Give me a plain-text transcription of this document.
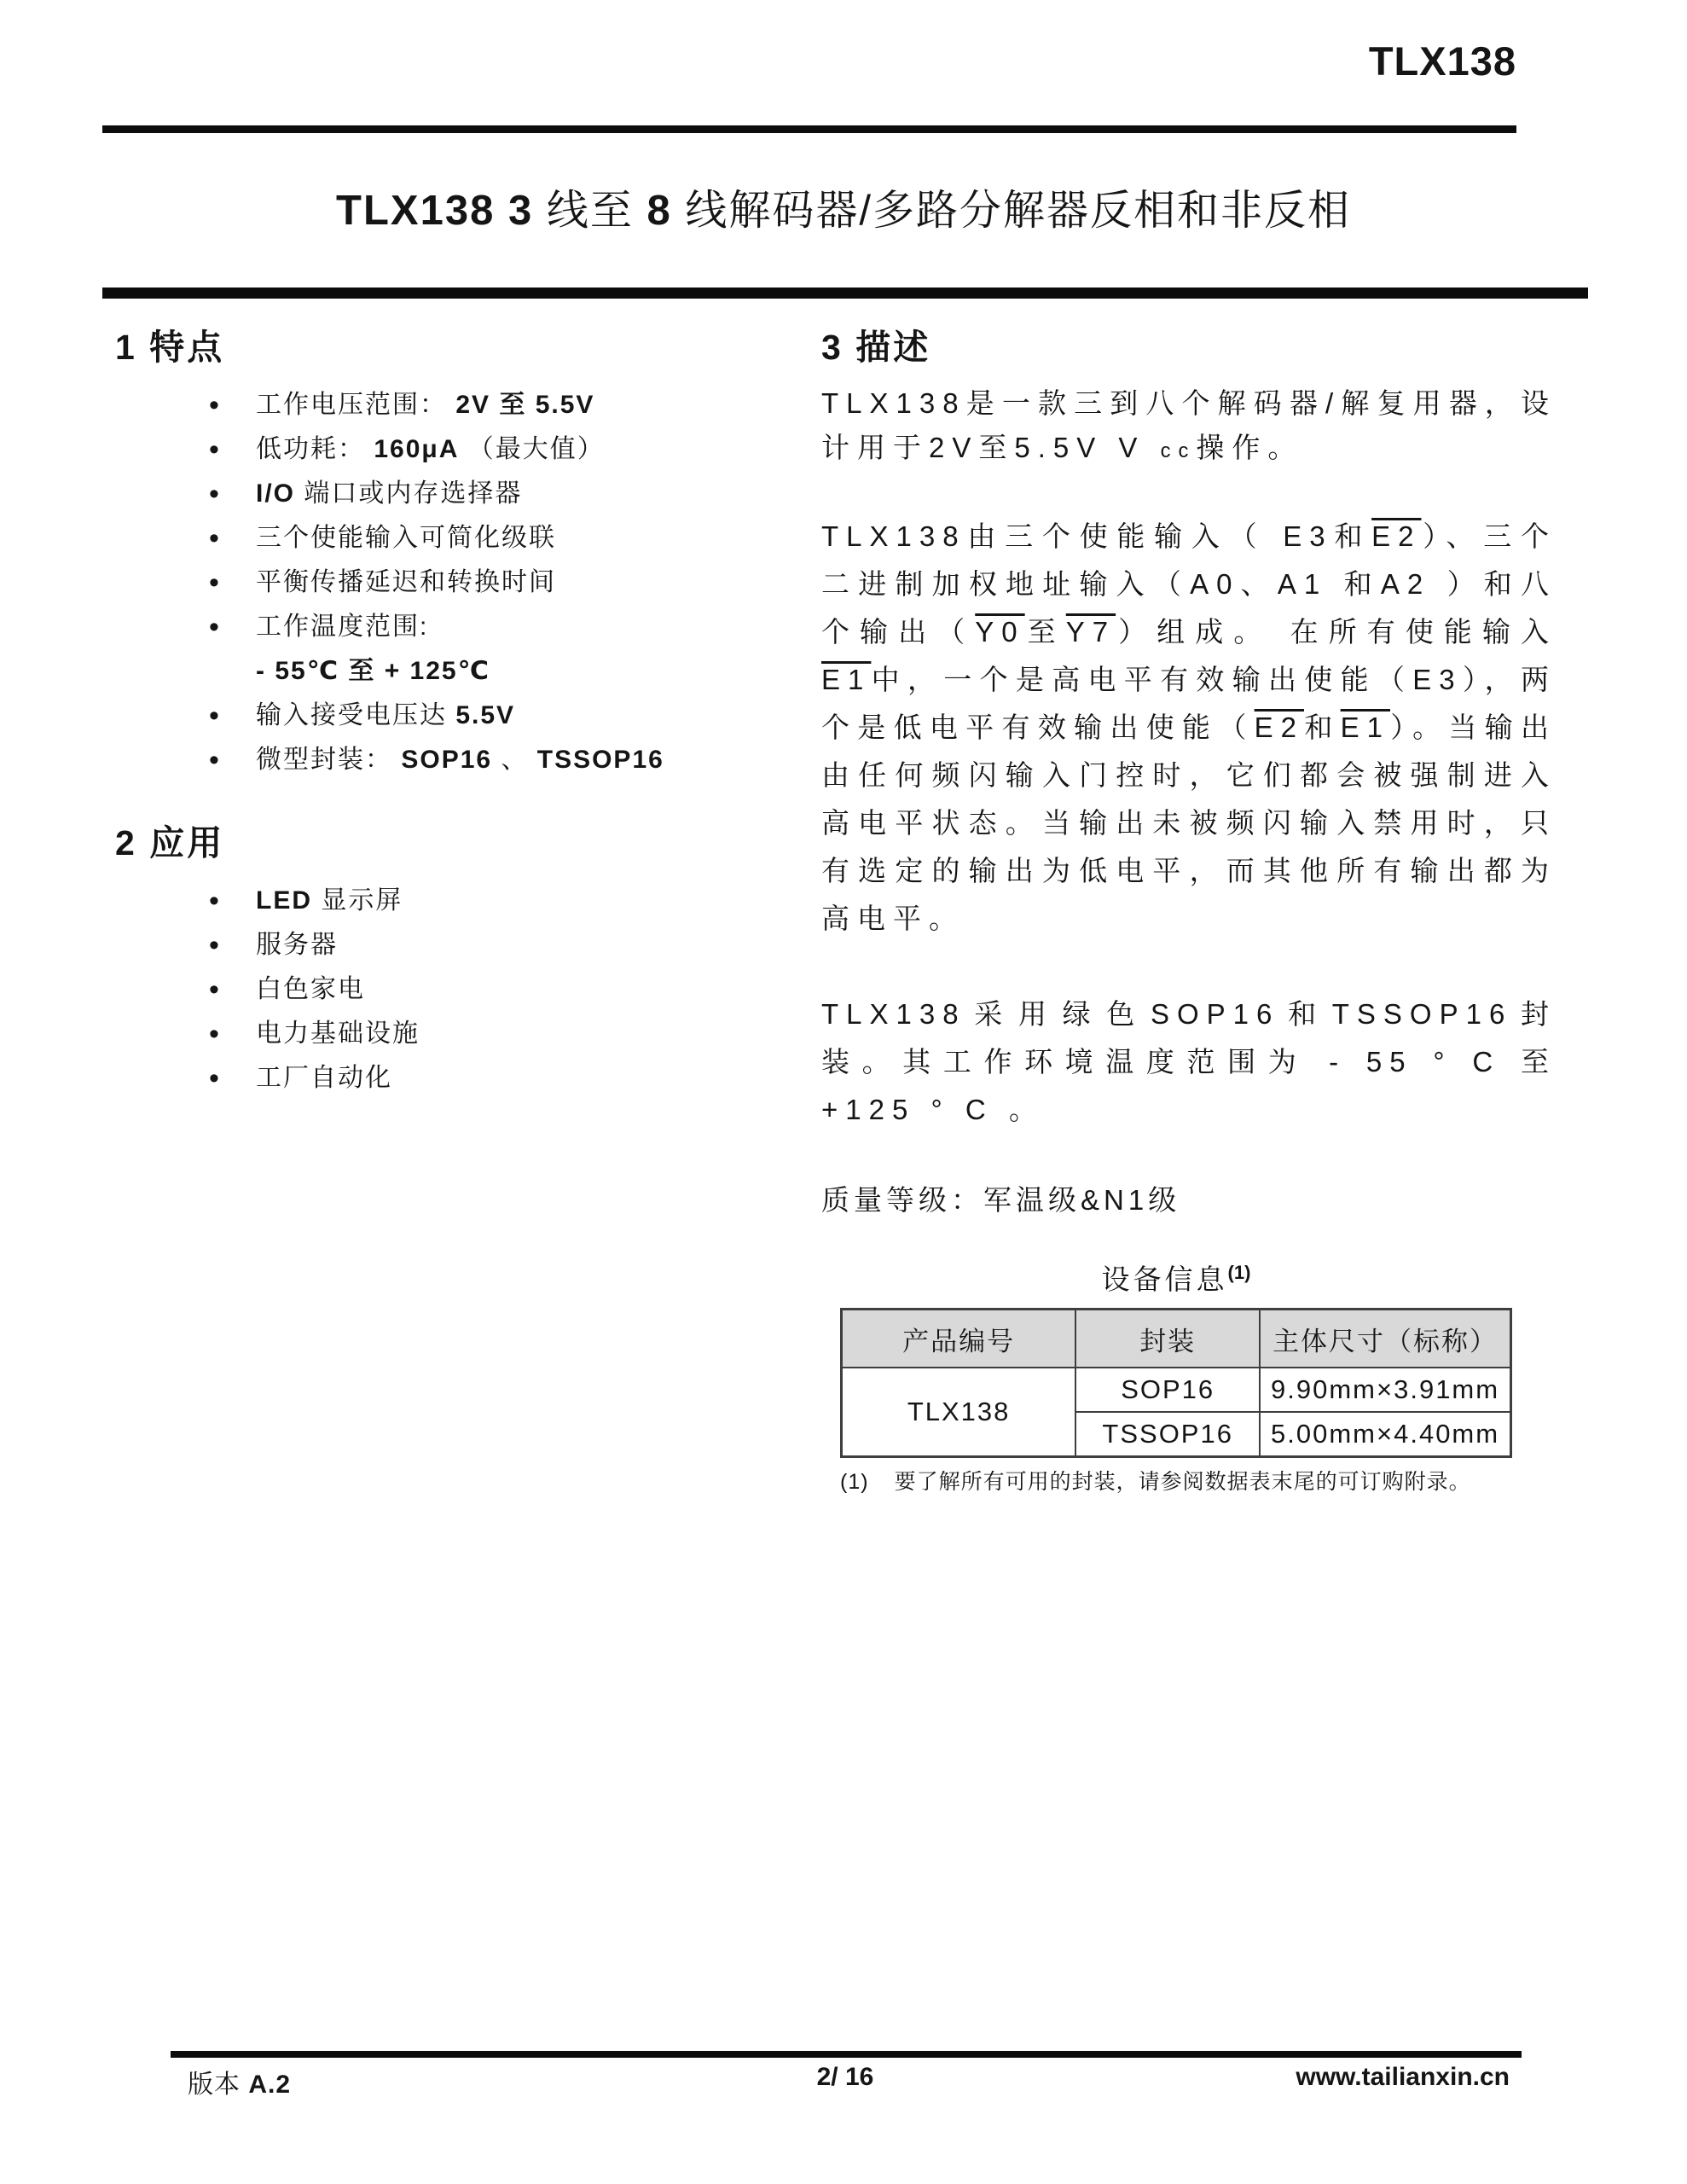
TLX138
TLX138 3 线至 8 线解码器/多路分解器反相和非反相
1 特点
• 工作电压范围： 2V 至 5.5V
• 低功耗： 160μA （最大值）
• I/O 端口或内存选择器
• 三个使能输入可简化级联
• 平衡传播延迟和转换时间
• 工作温度范围:
- 55℃ 至 + 125℃
• 输入接受电压达 5.5V
• 微型封装： SOP16 、 TSSOP16
2 应用
• LED 显示屏
• 服务器
• 白色家电
• 电力基础设施
• 工厂自动化
3 描述

TLX138是一款三到八个解码器/解复用器，设计用于2V至5.5V V cc操作。

TLX138由三个使能输入（ E3和E2）、三个二进制加权地址输入（A0、A1 和A2 ）和八个输出（Y0至Y7）组成。 在所有使能输入E1中，一个是高电平有效输出使能（E3），两个是低电平有效输出使能（E2和E1）。当输出由任何频闪输入门控时，它们都会被强制进入高电平状态。当输出未被频闪输入禁用时，只有选定的输出为低电平，而其他所有输出都为高电平。

TLX138采用绿色SOP16和TSSOP16封装。其工作环境温度范围为 - 55 ° C 至 +125 ° C 。

质量等级：军温级&N1级

设备信息$^{(1)}$
产品编号	封装	主体尺寸（标称）
TLX138	SOP16	9.90mm×3.91mm
	TSSOP16	5.00mm×4.40mm
(1) 要了解所有可用的封装，请参阅数据表末尾的可订购附录。
版本 A.2	2/ 16	www.tailianxin.cn
